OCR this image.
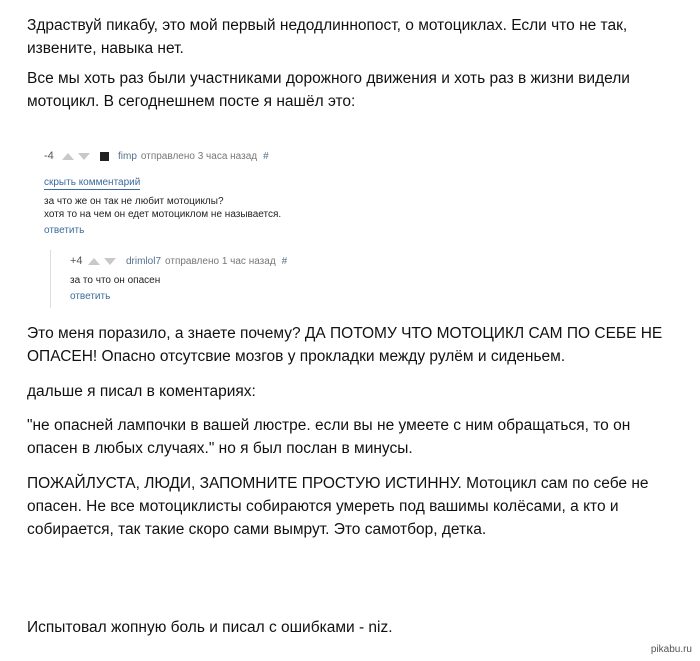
Здраствуй пикабу, это мой первый недодлиннопост, о мотоциклах. Если что не так, извените, навыка нет.

Все мы хоть раз были участниками дорожного движения и хоть раз в жизни видели мотоцикл. В сегоднешнем посте я нашёл это:

-4	fimp отправлено 3 часа назад #
скрыть комментарий
за что же он так не любит мотоциклы?
хотя то на чем он едет мотоциклом не называется.
ответить
+4	drimlol7 отправлено 1 час назад #
за то что он опасен
ответить

Это меня поразило, а знаете почему? ДА ПОТОМУ ЧТО МОТОЦИКЛ САМ ПО СЕБЕ НЕ ОПАСЕН! Опасно отсутсвие мозгов у прокладки между рулём и сиденьем.

дальше я писал в коментариях:

"не опасней лампочки в вашей люстре. если вы не умеете с ним обращаться, то он опасен в любых случаях." но я был послан в минусы.

ПОЖАЙЛУСТА, ЛЮДИ, ЗАПОМНИТЕ ПРОСТУЮ ИСТИННУ. Мотоцикл сам по себе не опасен. Не все мотоциклисты собираются умереть под вашимы колёсами, а кто и собирается, так такие скоро сами вымрут. Это самотбор, детка.

Испытовал жопную боль и писал с ошибками - niz.

pikabu.ru
